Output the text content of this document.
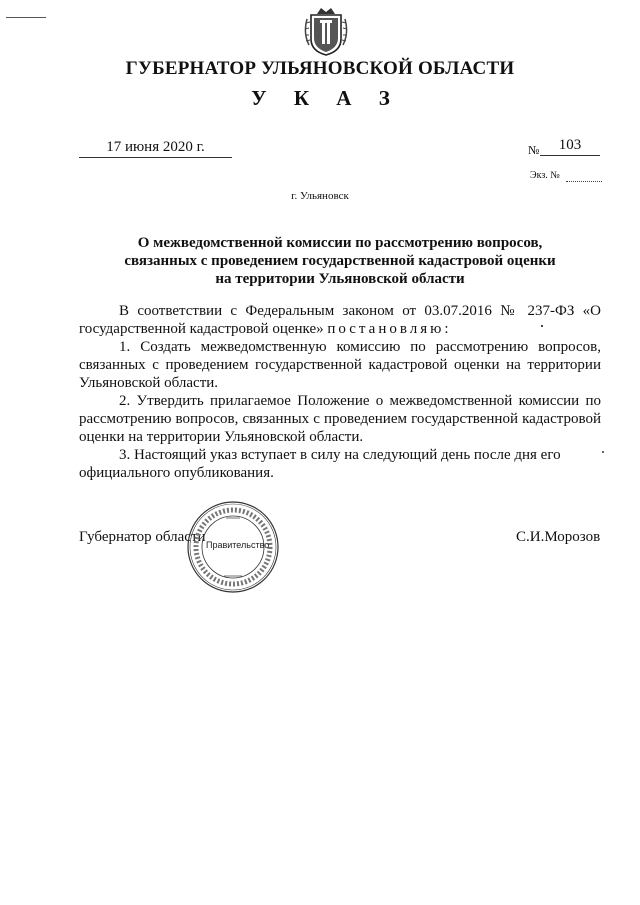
ГУБЕРНАТОР УЛЬЯНОВСКОЙ ОБЛАСТИ
У К А З
17 июня 2020 г.	№	103
Экз. №
г. Ульяновск
О межведомственной комиссии по рассмотрению вопросов,
связанных с проведением государственной кадастровой оценки
на территории Ульяновской области

В соответствии с Федеральным законом от 03.07.2016 № 237-ФЗ «О государственной кадастровой оценке» постановляю:

1. Создать межведомственную комиссию по рассмотрению вопросов, связанных с проведением государственной кадастровой оценки на территории Ульяновской области.

2. Утвердить прилагаемое Положение о межведомственной комиссии по рассмотрению вопросов, связанных с проведением государственной кадастровой оценки на территории Ульяновской области.

3. Настоящий указ вступает в силу на следующий день после дня его официального опубликования.

Губернатор области	С.И.Морозов
Правительство
